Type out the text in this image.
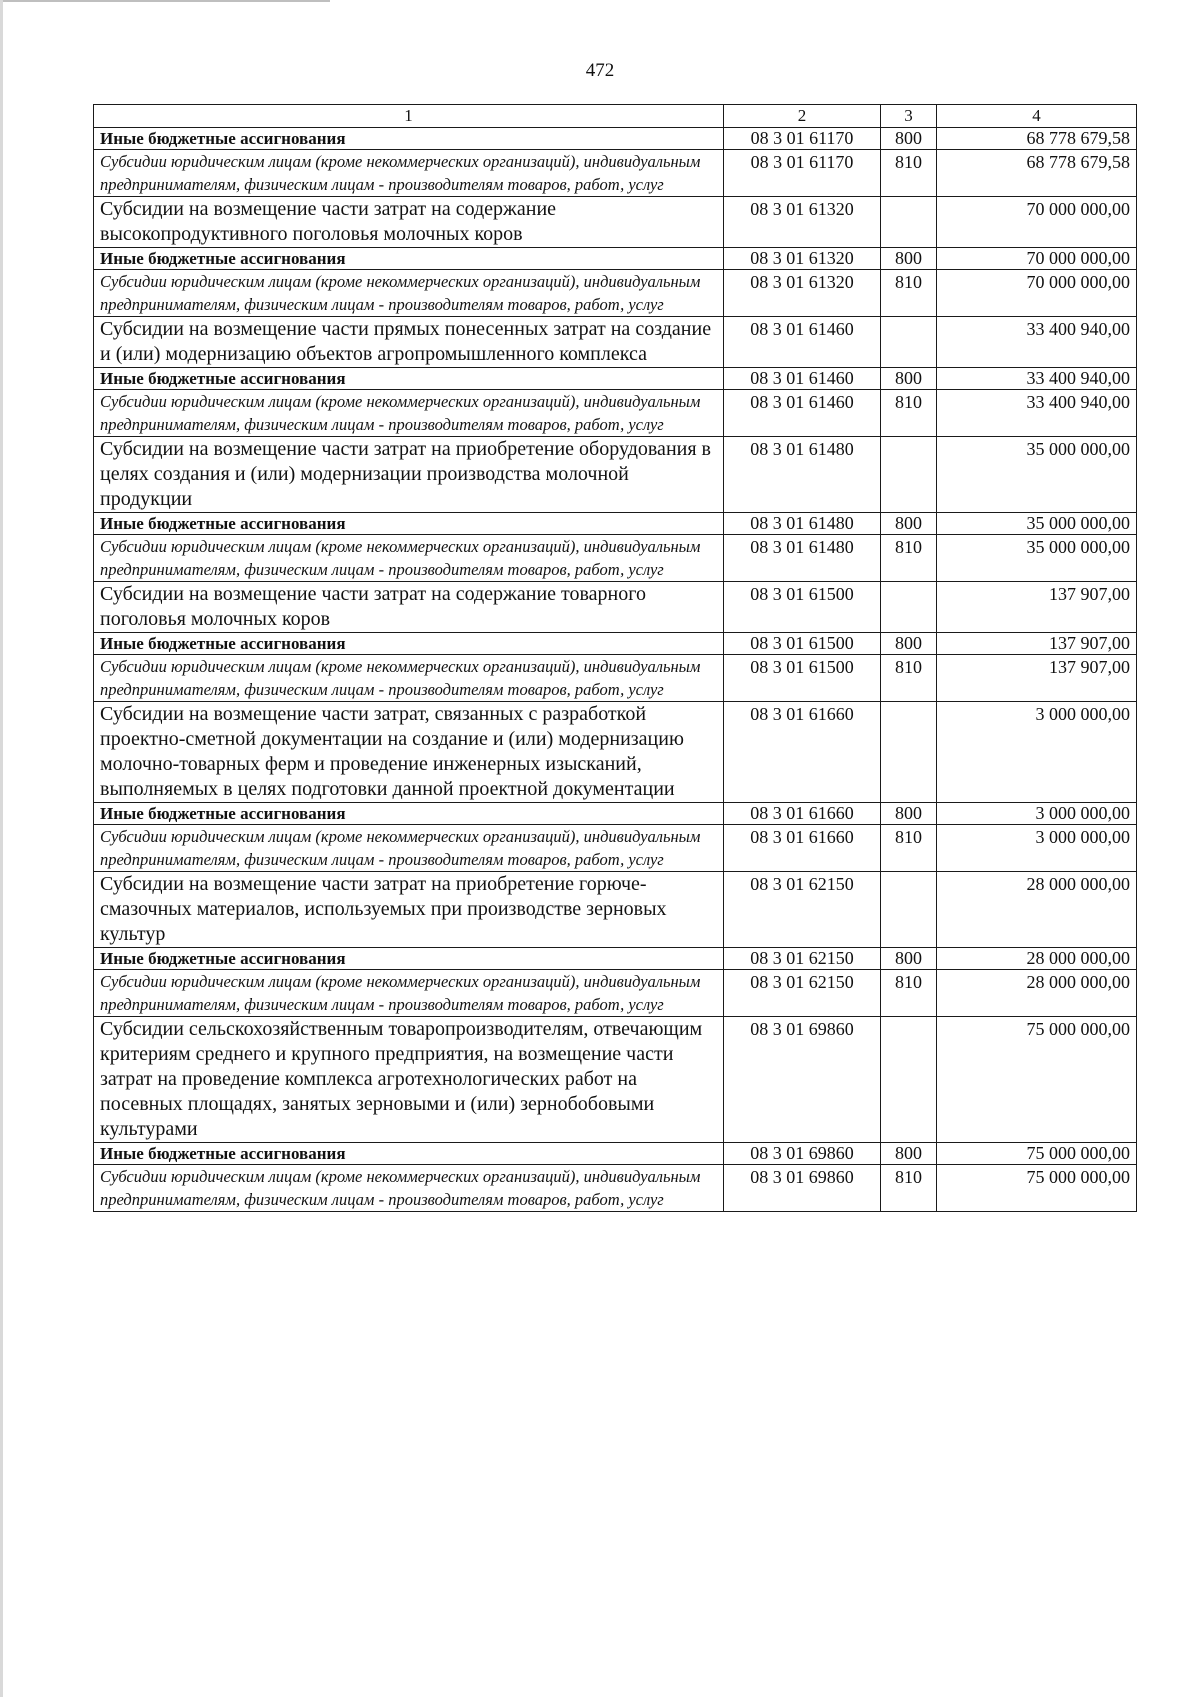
472
1	2	3	4
Иные бюджетные ассигнования	08 3 01 61170	800	68 778 679,58
Субсидии юридическим лицам (кроме некоммерческих организаций), индивидуальным предпринимателям, физическим лицам - производителям товаров, работ, услуг	08 3 01 61170	810	68 778 679,58
Субсидии на возмещение части затрат на содержание высокопродуктивного поголовья молочных коров	08 3 01 61320		70 000 000,00
Иные бюджетные ассигнования	08 3 01 61320	800	70 000 000,00
Субсидии юридическим лицам (кроме некоммерческих организаций), индивидуальным предпринимателям, физическим лицам - производителям товаров, работ, услуг	08 3 01 61320	810	70 000 000,00
Субсидии на возмещение части прямых понесенных затрат на создание и (или) модернизацию объектов агропромышленного комплекса	08 3 01 61460		33 400 940,00
Иные бюджетные ассигнования	08 3 01 61460	800	33 400 940,00
Субсидии юридическим лицам (кроме некоммерческих организаций), индивидуальным предпринимателям, физическим лицам - производителям товаров, работ, услуг	08 3 01 61460	810	33 400 940,00
Субсидии на возмещение части затрат на приобретение оборудования в целях создания и (или) модернизации производства молочной продукции	08 3 01 61480		35 000 000,00
Иные бюджетные ассигнования	08 3 01 61480	800	35 000 000,00
Субсидии юридическим лицам (кроме некоммерческих организаций), индивидуальным предпринимателям, физическим лицам - производителям товаров, работ, услуг	08 3 01 61480	810	35 000 000,00
Субсидии на возмещение части затрат на содержание товарного поголовья молочных коров	08 3 01 61500		137 907,00
Иные бюджетные ассигнования	08 3 01 61500	800	137 907,00
Субсидии юридическим лицам (кроме некоммерческих организаций), индивидуальным предпринимателям, физическим лицам - производителям товаров, работ, услуг	08 3 01 61500	810	137 907,00
Субсидии на возмещение части затрат, связанных с разработкой проектно-сметной документации на создание и (или) модернизацию молочно-товарных ферм и проведение инженерных изысканий, выполняемых в целях подготовки данной проектной документации	08 3 01 61660		3 000 000,00
Иные бюджетные ассигнования	08 3 01 61660	800	3 000 000,00
Субсидии юридическим лицам (кроме некоммерческих организаций), индивидуальным предпринимателям, физическим лицам - производителям товаров, работ, услуг	08 3 01 61660	810	3 000 000,00
Субсидии на возмещение части затрат на приобретение горюче-смазочных материалов, используемых при производстве зерновых культур	08 3 01 62150		28 000 000,00
Иные бюджетные ассигнования	08 3 01 62150	800	28 000 000,00
Субсидии юридическим лицам (кроме некоммерческих организаций), индивидуальным предпринимателям, физическим лицам - производителям товаров, работ, услуг	08 3 01 62150	810	28 000 000,00
Субсидии сельскохозяйственным товаропроизводителям, отвечающим критериям среднего и крупного предприятия, на возмещение части затрат на проведение комплекса агротехнологических работ на посевных площадях, занятых зерновыми и (или) зернобобовыми культурами	08 3 01 69860		75 000 000,00
Иные бюджетные ассигнования	08 3 01 69860	800	75 000 000,00
Субсидии юридическим лицам (кроме некоммерческих организаций), индивидуальным предпринимателям, физическим лицам - производителям товаров, работ, услуг	08 3 01 69860	810	75 000 000,00
